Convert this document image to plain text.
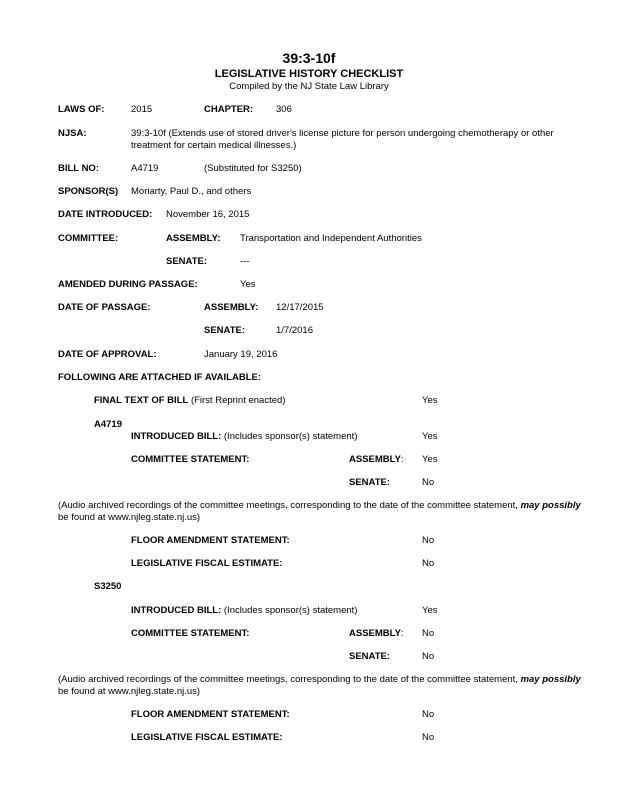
39:3-10f
LEGISLATIVE HISTORY CHECKLIST
Compiled by the NJ State Law Library
LAWS OF:	2015	CHAPTER: 306
NJSA:	39:3-10f (Extends use of stored driver's license picture for person undergoing chemotherapy or other
treatment for certain medical illnesses.)
BILL NO:	A4719	(Substituted for S3250)
SPONSOR(S) Moriarty, Paul D., and others
DATE INTRODUCED: November 16, 2015
COMMITTEE:	ASSEMBLY: Transportation and Independent Authorities
SENATE:	---
AMENDED DURING PASSAGE:	Yes
DATE OF PASSAGE:	ASSEMBLY: 12/17/2015
SENATE:	1/7/2016
DATE OF APPROVAL:	January 19, 2016
FOLLOWING ARE ATTACHED IF AVAILABLE:
FINAL TEXT OF BILL (First Reprint enacted)	Yes
A4719
INTRODUCED BILL: (Includes sponsor(s) statement)	Yes
COMMITTEE STATEMENT:	ASSEMBLY: Yes
SENATE:	No
(Audio archived recordings of the committee meetings, corresponding to the date of the committee statement, may possibly
be found at www.njleg.state.nj.us)
FLOOR AMENDMENT STATEMENT:	No
LEGISLATIVE FISCAL ESTIMATE:	No
S3250
INTRODUCED BILL: (Includes sponsor(s) statement)	Yes
COMMITTEE STATEMENT:	ASSEMBLY: No
SENATE:	No
(Audio archived recordings of the committee meetings, corresponding to the date of the committee statement, may possibly
be found at www.njleg.state.nj.us)
FLOOR AMENDMENT STATEMENT:	No
LEGISLATIVE FISCAL ESTIMATE:	No
